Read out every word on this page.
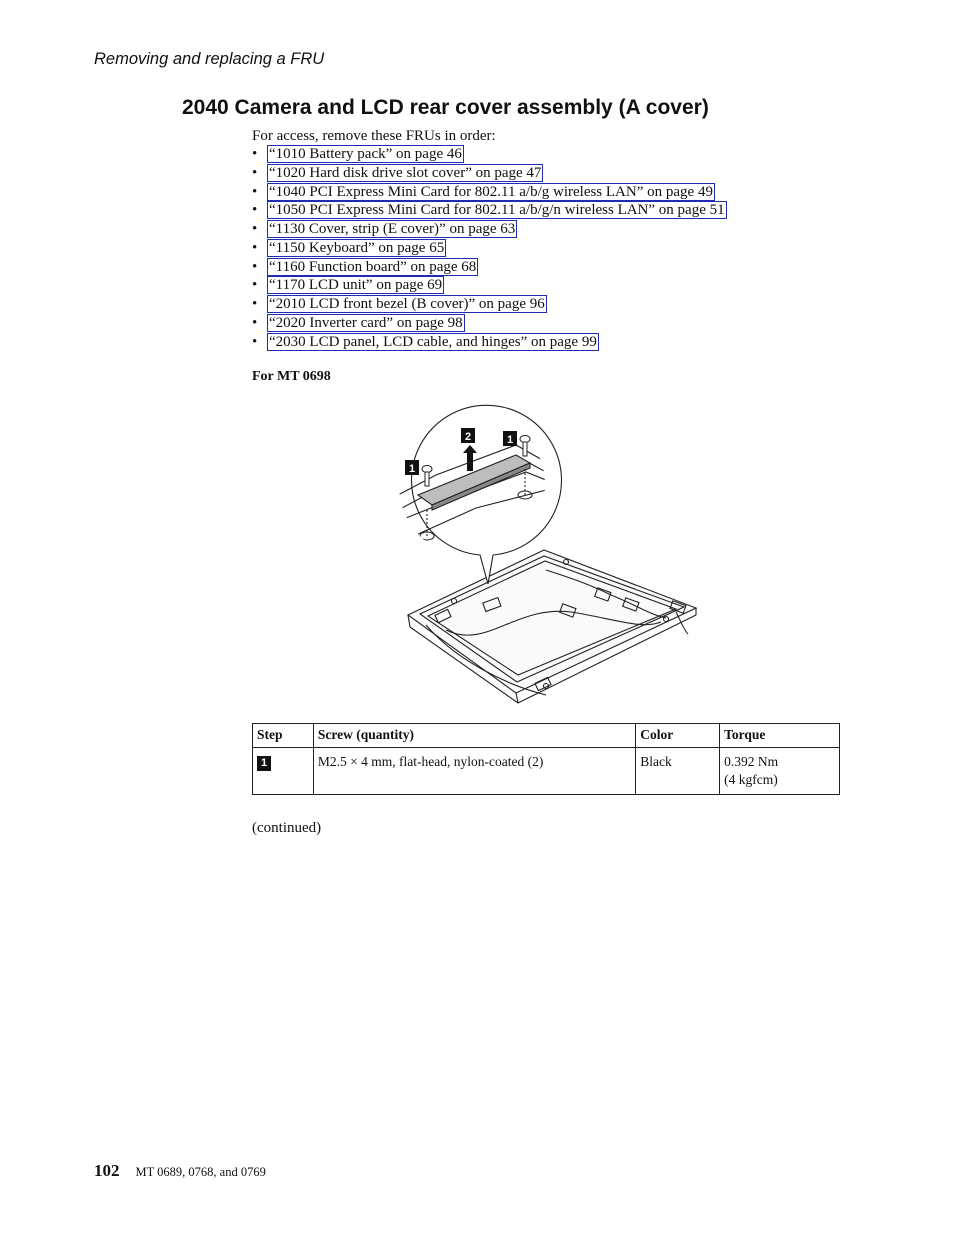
Removing and replacing a FRU
2040 Camera and LCD rear cover assembly (A cover)
For access, remove these FRUs in order:
• “1010 Battery pack” on page 46
• “1020 Hard disk drive slot cover” on page 47
• “1040 PCI Express Mini Card for 802.11 a/b/g wireless LAN” on page 49
• “1050 PCI Express Mini Card for 802.11 a/b/g/n wireless LAN” on page 51
• “1130 Cover, strip (E cover)” on page 63
• “1150 Keyboard” on page 65
• “1160 Function board” on page 68
• “1170 LCD unit” on page 69
• “2010 LCD front bezel (B cover)” on page 96
• “2020 Inverter card” on page 98
• “2030 LCD panel, LCD cable, and hinges” on page 99
For MT 0698
1
2	1
Step	Screw (quantity)	Color	Torque
1	M2.5 × 4 mm, flat-head, nylon-coated (2)	Black	0.392 Nm
(4 kgfcm)
(continued)
102 MT 0689, 0768, and 0769
